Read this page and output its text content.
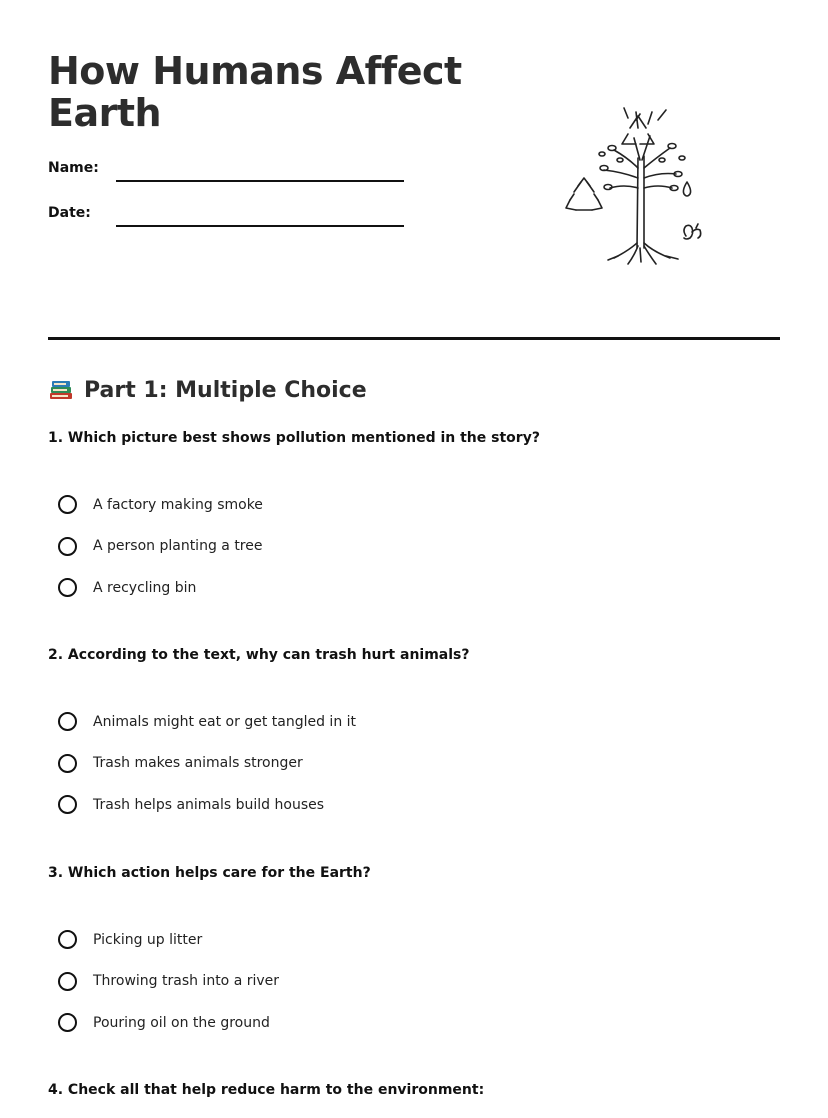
How Humans Affect Earth
Name:
Date:
Part 1: Multiple Choice
1. Which picture best shows pollution mentioned in the story?
A factory making smoke
A person planting a tree
A recycling bin
2. According to the text, why can trash hurt animals?
Animals might eat or get tangled in it
Trash makes animals stronger
Trash helps animals build houses
3. Which action helps care for the Earth?
Picking up litter
Throwing trash into a river
Pouring oil on the ground
4. Check all that help reduce harm to the environment:
